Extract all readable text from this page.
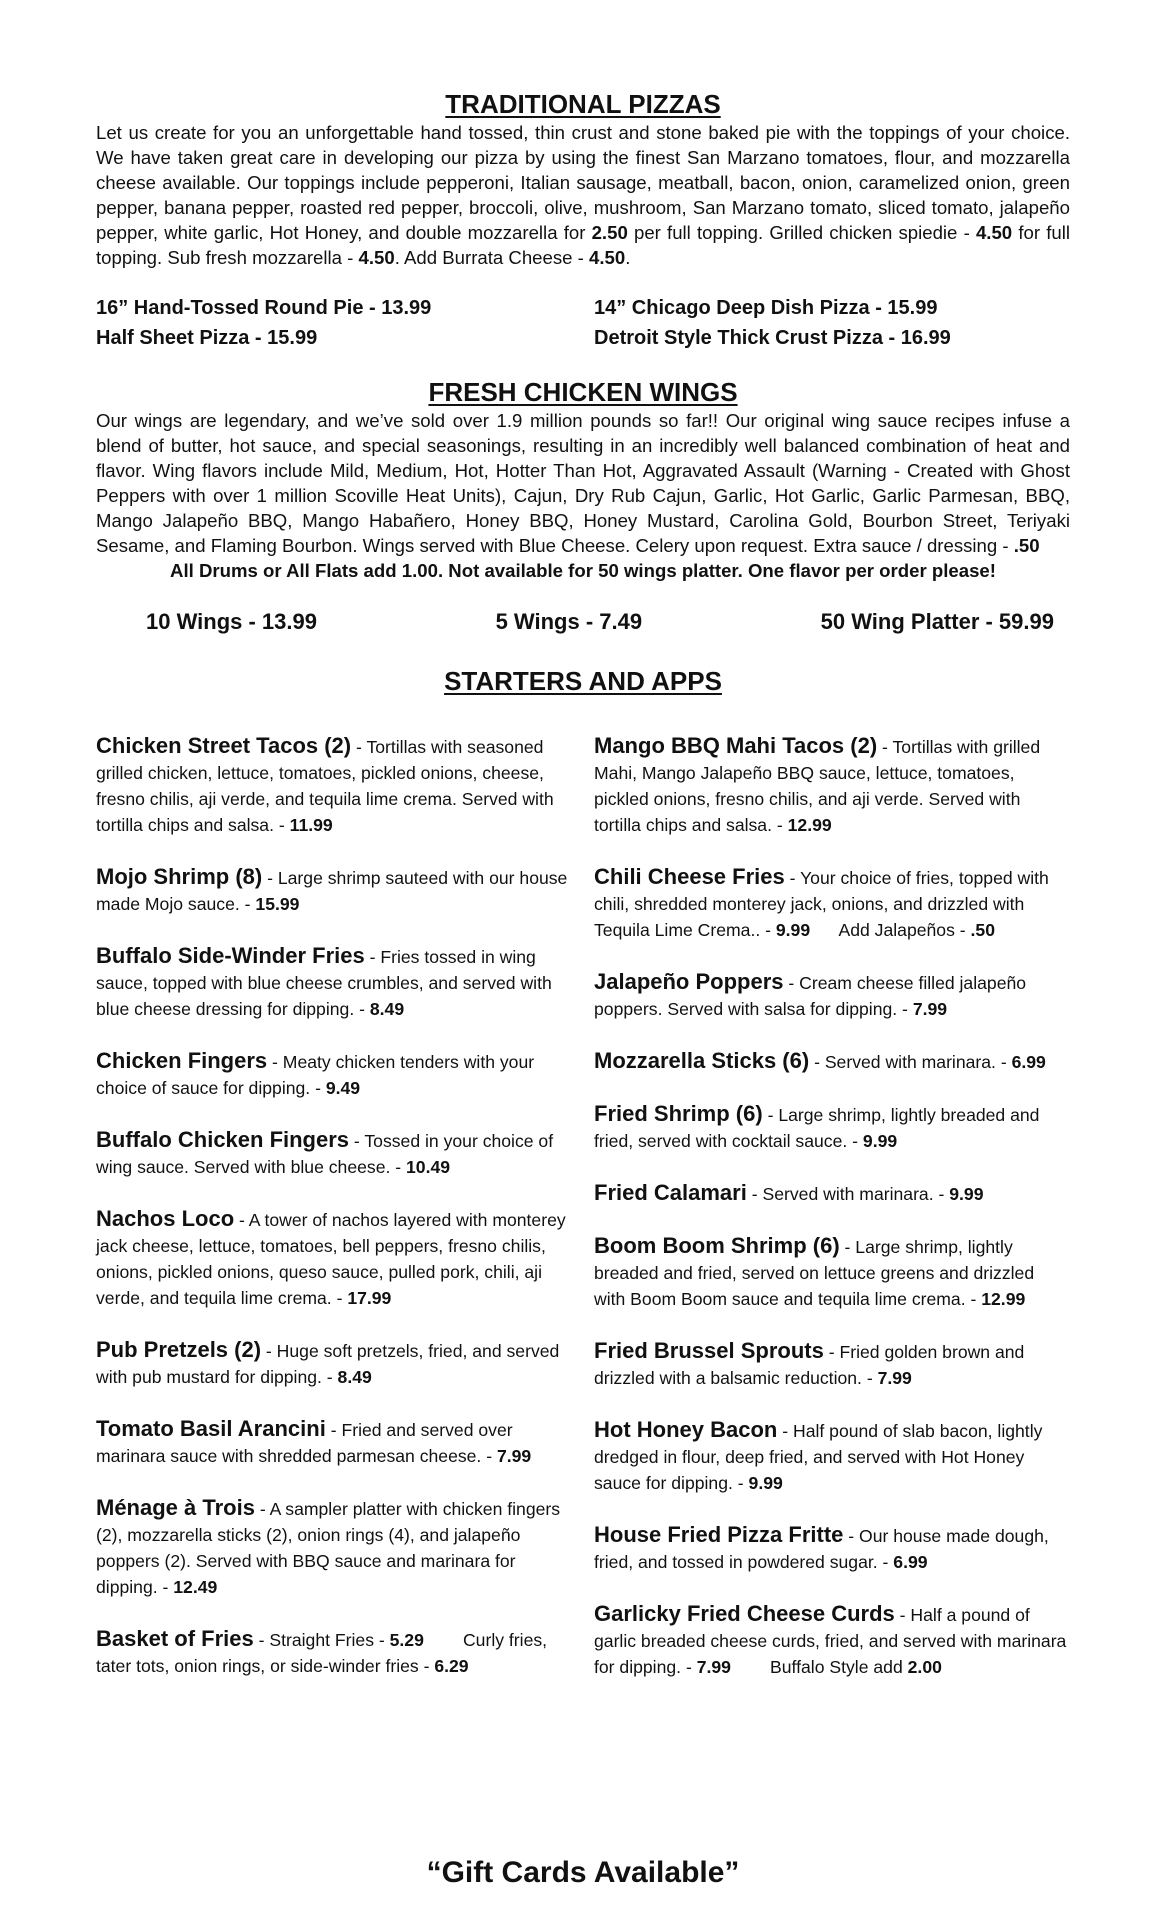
TRADITIONAL PIZZAS

Let us create for you an unforgettable hand tossed, thin crust and stone baked pie with the toppings of your choice. We have taken great care in developing our pizza by using the finest San Marzano tomatoes, flour, and mozzarella cheese available. Our toppings include pepperoni, Italian sausage, meatball, bacon, onion, caramelized onion, green pepper, banana pepper, roasted red pepper, broccoli, olive, mushroom, San Marzano tomato, sliced tomato, jalapeño pepper, white garlic, Hot Honey, and double mozzarella for 2.50 per full topping. Grilled chicken spiedie - 4.50 for full topping. Sub fresh mozzarella - 4.50. Add Burrata Cheese - 4.50.

16” Hand-Tossed Round Pie - 13.99	14” Chicago Deep Dish Pizza - 15.99
Half Sheet Pizza - 15.99	Detroit Style Thick Crust Pizza - 16.99
FRESH CHICKEN WINGS

Our wings are legendary, and we’ve sold over 1.9 million pounds so far!! Our original wing sauce recipes infuse a blend of butter, hot sauce, and special seasonings, resulting in an incredibly well balanced combination of heat and flavor. Wing flavors include Mild, Medium, Hot, Hotter Than Hot, Aggravated Assault (Warning - Created with Ghost Peppers with over 1 million Scoville Heat Units), Cajun, Dry Rub Cajun, Garlic, Hot Garlic, Garlic Parmesan, BBQ, Mango Jalapeño BBQ, Mango Habañero, Honey BBQ, Honey Mustard, Carolina Gold, Bourbon Street, Teriyaki Sesame, and Flaming Bourbon. Wings served with Blue Cheese. Celery upon request. Extra sauce / dressing - .50

All Drums or All Flats add 1.00. Not available for 50 wings platter. One flavor per order please!
10 Wings - 13.99	5 Wings - 7.49	50 Wing Platter - 59.99
STARTERS AND APPS
Chicken Street Tacos (2) - Tortillas with seasoned grilled chicken, lettuce, tomatoes, pickled onions, cheese, fresno chilis, aji verde, and tequila lime crema. Served with tortilla chips and salsa. - 11.99
Mojo Shrimp (8) - Large shrimp sauteed with our house made Mojo sauce. - 15.99
Buffalo Side-Winder Fries - Fries tossed in wing sauce, topped with blue cheese crumbles, and served with blue cheese dressing for dipping. - 8.49
Chicken Fingers - Meaty chicken tenders with your choice of sauce for dipping. - 9.49
Buffalo Chicken Fingers - Tossed in your choice of wing sauce. Served with blue cheese. - 10.49
Nachos Loco - A tower of nachos layered with monterey jack cheese, lettuce, tomatoes, bell peppers, fresno chilis, onions, pickled onions, queso sauce, pulled pork, chili, aji verde, and tequila lime crema. - 17.99
Pub Pretzels (2) - Huge soft pretzels, fried, and served with pub mustard for dipping. - 8.49
Tomato Basil Arancini - Fried and served over marinara sauce with shredded parmesan cheese. - 7.99
Ménage à Trois - A sampler platter with chicken fingers (2), mozzarella sticks (2), onion rings (4), and jalapeño poppers (2). Served with BBQ sauce and marinara for dipping. - 12.49
Basket of Fries - Straight Fries - 5.29        Curly fries, tater tots, onion rings, or side-winder fries - 6.29
Mango BBQ Mahi Tacos (2) - Tortillas with grilled Mahi, Mango Jalapeño BBQ sauce, lettuce, tomatoes, pickled onions, fresno chilis, and aji verde. Served with tortilla chips and salsa. - 12.99
Chili Cheese Fries - Your choice of fries, topped with chili, shredded monterey jack, onions, and drizzled with Tequila Lime Crema.. - 9.99      Add Jalapeños - .50
Jalapeño Poppers - Cream cheese filled jalapeño poppers. Served with salsa for dipping. - 7.99
Mozzarella Sticks (6) - Served with marinara. - 6.99
Fried Shrimp (6) - Large shrimp, lightly breaded and fried, served with cocktail sauce. - 9.99
Fried Calamari - Served with marinara. - 9.99
Boom Boom Shrimp (6) - Large shrimp, lightly breaded and fried, served on lettuce greens and drizzled with Boom Boom sauce and tequila lime crema. - 12.99
Fried Brussel Sprouts - Fried golden brown and drizzled with a balsamic reduction. - 7.99
Hot Honey Bacon - Half pound of slab bacon, lightly dredged in flour, deep fried, and served with Hot Honey sauce for dipping. - 9.99
House Fried Pizza Fritte - Our house made dough, fried, and tossed in powdered sugar. - 6.99
Garlicky Fried Cheese Curds - Half a pound of garlic breaded cheese curds, fried, and served with marinara for dipping. - 7.99        Buffalo Style add 2.00
“Gift Cards Available”
